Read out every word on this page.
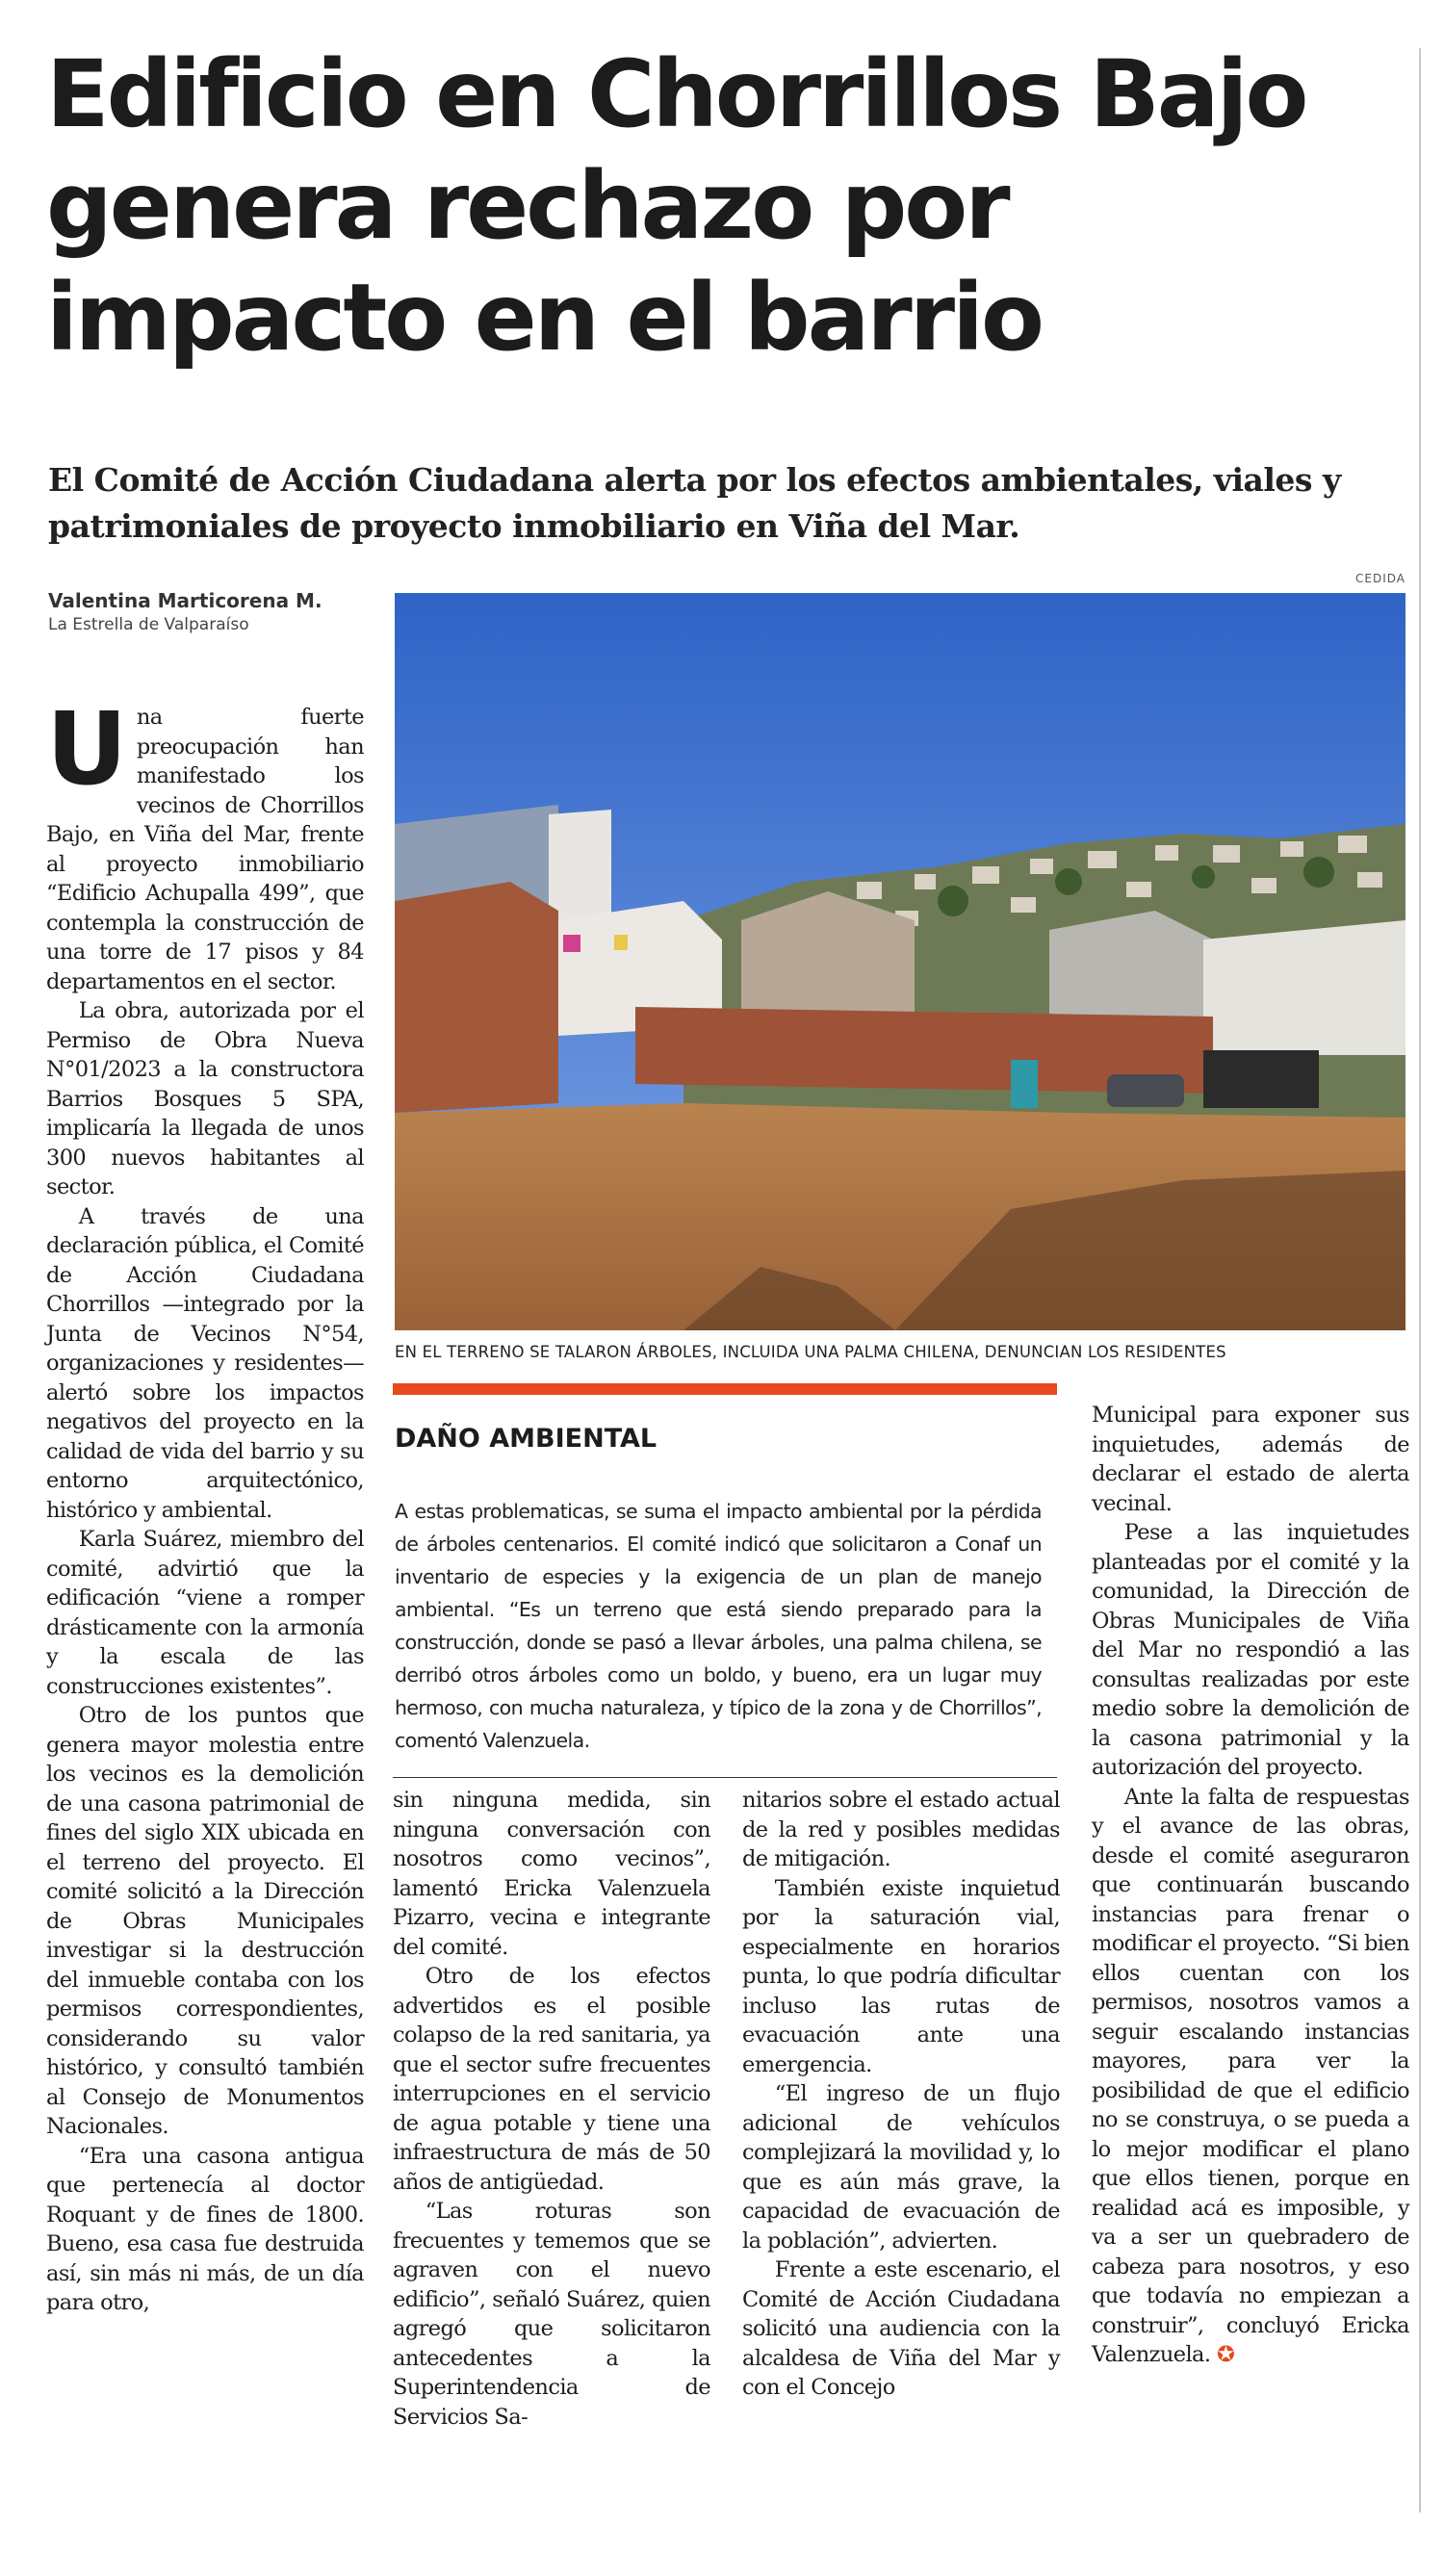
Edificio en Chorrillos Bajo genera rechazo por impacto en el barrio

El Comité de Acción Ciudadana alerta por los efectos ambientales, viales y patrimoniales de proyecto inmobiliario en Viña del Mar.

Valentina Marticorena M.
La Estrella de Valparaíso
CEDIDA
EN EL TERRENO SE TALARON ÁRBOLES, INCLUIDA UNA PALMA CHILENA, DENUNCIAN LOS RESIDENTES

Una fuerte preocupación han manifestado los vecinos de Chorrillos Bajo, en Viña del Mar, frente al proyecto inmobiliario “Edificio Achupalla 499”, que contempla la construcción de una torre de 17 pisos y 84 departamentos en el sector.

La obra, autorizada por el Permiso de Obra Nueva N°01/2023 a la constructora Barrios Bosques 5 SPA, implicaría la llegada de unos 300 nuevos habitantes al sector.

A través de una declaración pública, el Comité de Acción Ciudadana Chorrillos —integrado por la Junta de Vecinos N°54, organizaciones y residentes— alertó sobre los impactos negativos del proyecto en la calidad de vida del barrio y su entorno arquitectónico, histórico y ambiental.

Karla Suárez, miembro del comité, advirtió que la edificación “viene a romper drásticamente con la armonía y la escala de las construcciones existentes”.

Otro de los puntos que genera mayor molestia entre los vecinos es la demolición de una casona patrimonial de fines del siglo XIX ubicada en el terreno del proyecto. El comité solicitó a la Dirección de Obras Municipales investigar si la destrucción del inmueble contaba con los permisos correspondientes, considerando su valor histórico, y consultó también al Consejo de Monumentos Nacionales.

“Era una casona antigua que pertenecía al doctor Roquant y de fines de 1800. Bueno, esa casa fue destruida así, sin más ni más, de un día para otro,

DAÑO AMBIENTAL

A estas problematicas, se suma el impacto ambiental por la pérdida de árboles centenarios. El comité indicó que solicitaron a Conaf un inventario de especies y la exigencia de un plan de manejo ambiental. “Es un terreno que está siendo preparado para la construcción, donde se pasó a llevar árboles, una palma chilena, se derribó otros árboles como un boldo, y bueno, era un lugar muy hermoso, con mucha naturaleza, y típico de la zona y de Chorrillos”, comentó Valenzuela.

sin ninguna medida, sin ninguna conversación con nosotros como vecinos”, lamentó Ericka Valenzuela Pizarro, vecina e integrante del comité.

Otro de los efectos advertidos es el posible colapso de la red sanitaria, ya que el sector sufre frecuentes interrupciones en el servicio de agua potable y tiene una infraestructura de más de 50 años de antigüedad.

“Las roturas son frecuentes y tememos que se agraven con el nuevo edificio”, señaló Suárez, quien agregó que solicitaron antecedentes a la Superintendencia de Servicios Sa-

nitarios sobre el estado actual de la red y posibles medidas de mitigación.

También existe inquietud por la saturación vial, especialmente en horarios punta, lo que podría dificultar incluso las rutas de evacuación ante una emergencia.

“El ingreso de un flujo adicional de vehículos complejizará la movilidad y, lo que es aún más grave, la capacidad de evacuación de la población”, advierten.

Frente a este escenario, el Comité de Acción Ciudadana solicitó una audiencia con la alcaldesa de Viña del Mar y con el Concejo

Municipal para exponer sus inquietudes, además de declarar el estado de alerta vecinal.

Pese a las inquietudes planteadas por el comité y la comunidad, la Dirección de Obras Municipales de Viña del Mar no respondió a las consultas realizadas por este medio sobre la demolición de la casona patrimonial y la autorización del proyecto.

Ante la falta de respuestas y el avance de las obras, desde el comité aseguraron que continuarán buscando instancias para frenar o modificar el proyecto. “Si bien ellos cuentan con los permisos, nosotros vamos a seguir escalando instancias mayores, para ver la posibilidad de que el edificio no se construya, o se pueda a lo mejor modificar el plano que ellos tienen, porque en realidad acá es imposible, y va a ser un quebradero de cabeza para nosotros, y eso que todavía no empiezan a construir”, concluyó Ericka Valenzuela. ✪
